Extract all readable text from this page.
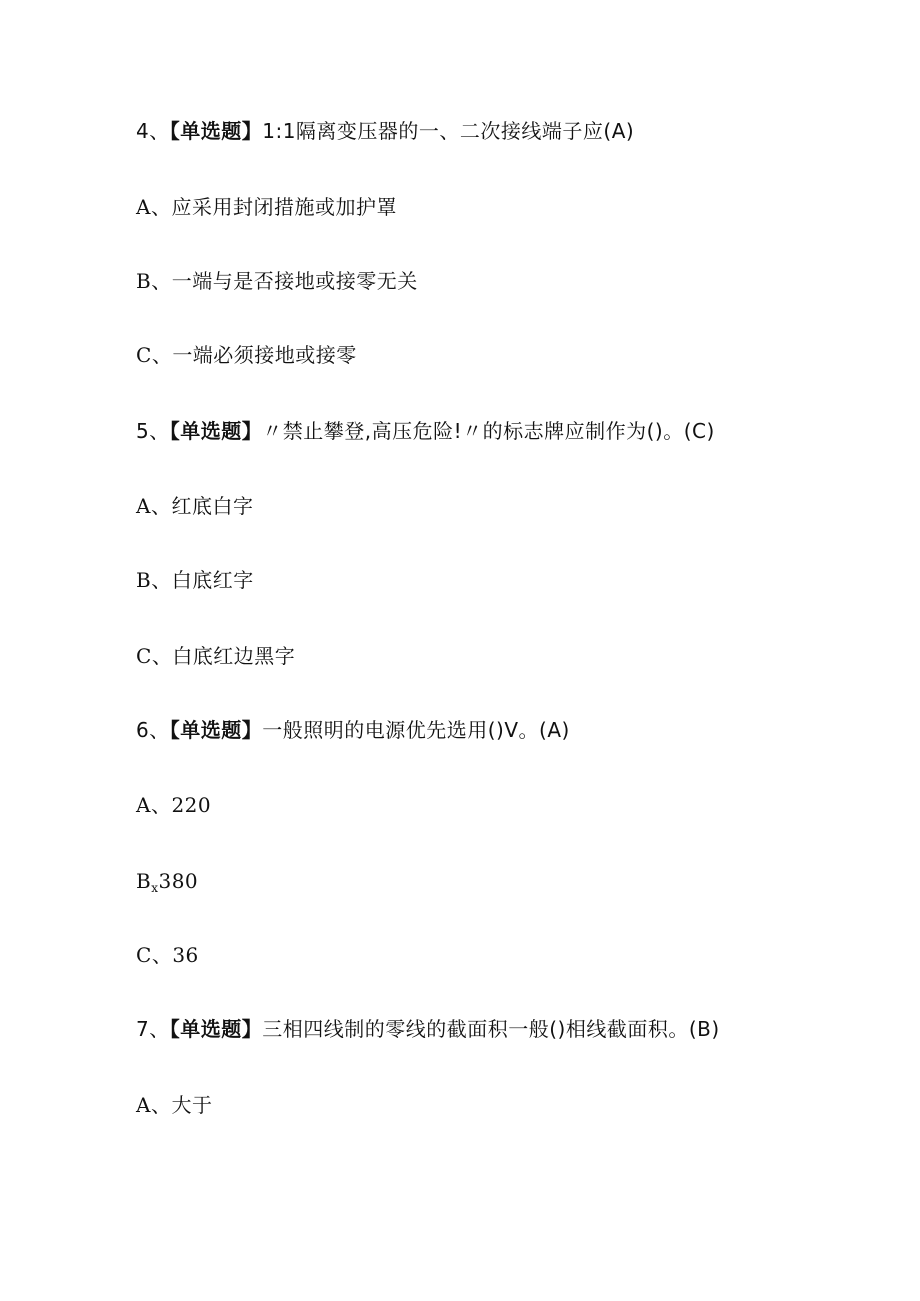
4、【单选题】1:1隔离变压器的一、二次接线端子应(A)
A、应采用封闭措施或加护罩
B、一端与是否接地或接零无关
C、一端必须接地或接零
5、【单选题】〃禁止攀登,高压危险!〃的标志牌应制作为()。(C)
A、红底白字
B、白底红字
C、白底红边黑字
6、【单选题】一般照明的电源优先选用()V。(A)
A、220
$B_x380$
C、36
7、【单选题】三相四线制的零线的截面积一般()相线截面积。(B)
A、大于
